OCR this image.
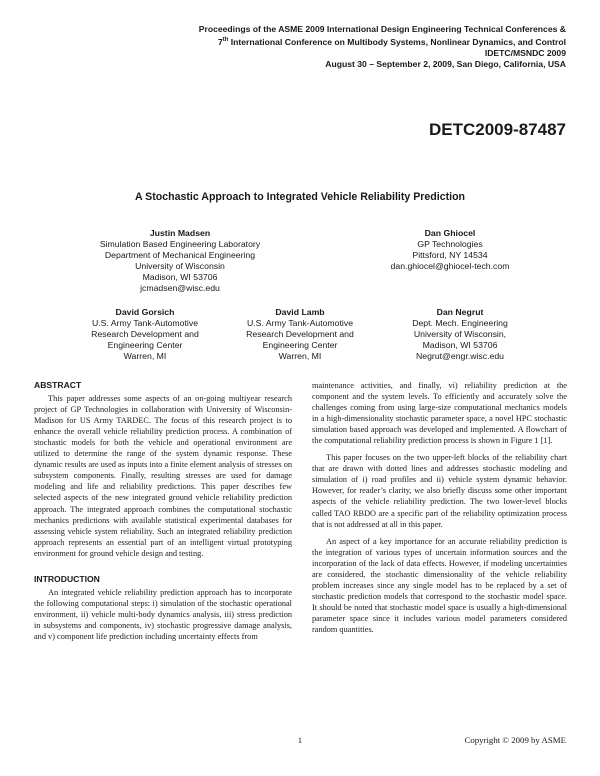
Proceedings of the ASME 2009 International Design Engineering Technical Conferences &
7th International Conference on Multibody Systems, Nonlinear Dynamics, and Control
IDETC/MSNDC 2009
August 30 – September 2, 2009, San Diego, California, USA
DETC2009-87487
A Stochastic Approach to Integrated Vehicle Reliability Prediction
Justin Madsen
Simulation Based Engineering Laboratory
Department of Mechanical Engineering
University of Wisconsin
Madison, WI 53706
jcmadsen@wisc.edu
Dan Ghiocel
GP Technologies
Pittsford, NY 14534
dan.ghiocel@ghiocel-tech.com
David Gorsich
U.S. Army Tank-Automotive
Research Development and
Engineering Center
Warren, MI
David Lamb
U.S. Army Tank-Automotive
Research Development and
Engineering Center
Warren, MI
Dan Negrut
Dept. Mech. Engineering
University of Wisconsin,
Madison, WI 53706
Negrut@engr.wisc.edu
ABSTRACT

This paper addresses some aspects of an on-going multiyear research project of GP Technologies in collaboration with University of Wisconsin-Madison for US Army TARDEC. The focus of this research project is to enhance the overall vehicle reliability prediction process. A combination of stochastic models for both the vehicle and operational environment are utilized to determine the range of the system dynamic response. These dynamic results are used as inputs into a finite element analysis of stresses on subsystem components. Finally, resulting stresses are used for damage modeling and life and reliability predictions. This paper describes few selected aspects of the new integrated ground vehicle reliability prediction approach. The integrated approach combines the computational stochastic mechanics predictions with available statistical experimental databases for assessing vehicle system reliability. Such an integrated reliability prediction approach represents an essential part of an intelligent virtual prototyping environment for ground vehicle design and testing.

INTRODUCTION

An integrated vehicle reliability prediction approach has to incorporate the following computational steps: i) simulation of the stochastic operational environment, ii) vehicle multi-body dynamics analysis, iii) stress prediction in subsystems and components, iv) stochastic progressive damage analysis, and v) component life prediction including uncertainty effects from

maintenance activities, and finally, vi) reliability prediction at the component and the system levels. To efficiently and accurately solve the challenges coming from using large-size computational mechanics models in a high-dimensionality stochastic parameter space, a novel HPC stochastic simulation based approach was developed and implemented. A flowchart of the computational reliability prediction process is shown in Figure 1 [1].

This paper focuses on the two upper-left blocks of the reliability chart that are drawn with dotted lines and addresses stochastic modeling and simulation of i) road profiles and ii) vehicle system dynamic behavior. However, for reader’s clarity, we also briefly discuss some other important aspects of the vehicle reliability prediction. The two lower-level blocks called TAO RBDO are a specific part of the reliability optimization process that is not addressed at all in this paper.

An aspect of a key importance for an accurate reliability prediction is the integration of various types of uncertain information sources and the incorporation of the lack of data effects. However, if modeling uncertainties are considered, the stochastic dimensionality of the vehicle reliability problem increases since any single model has to be replaced by a set of stochastic prediction models that correspond to the stochastic model space. It should be noted that stochastic model space is usually a high-dimensional parameter space since it includes various model parameters considered random quantities.

1	Copyright © 2009 by ASME
